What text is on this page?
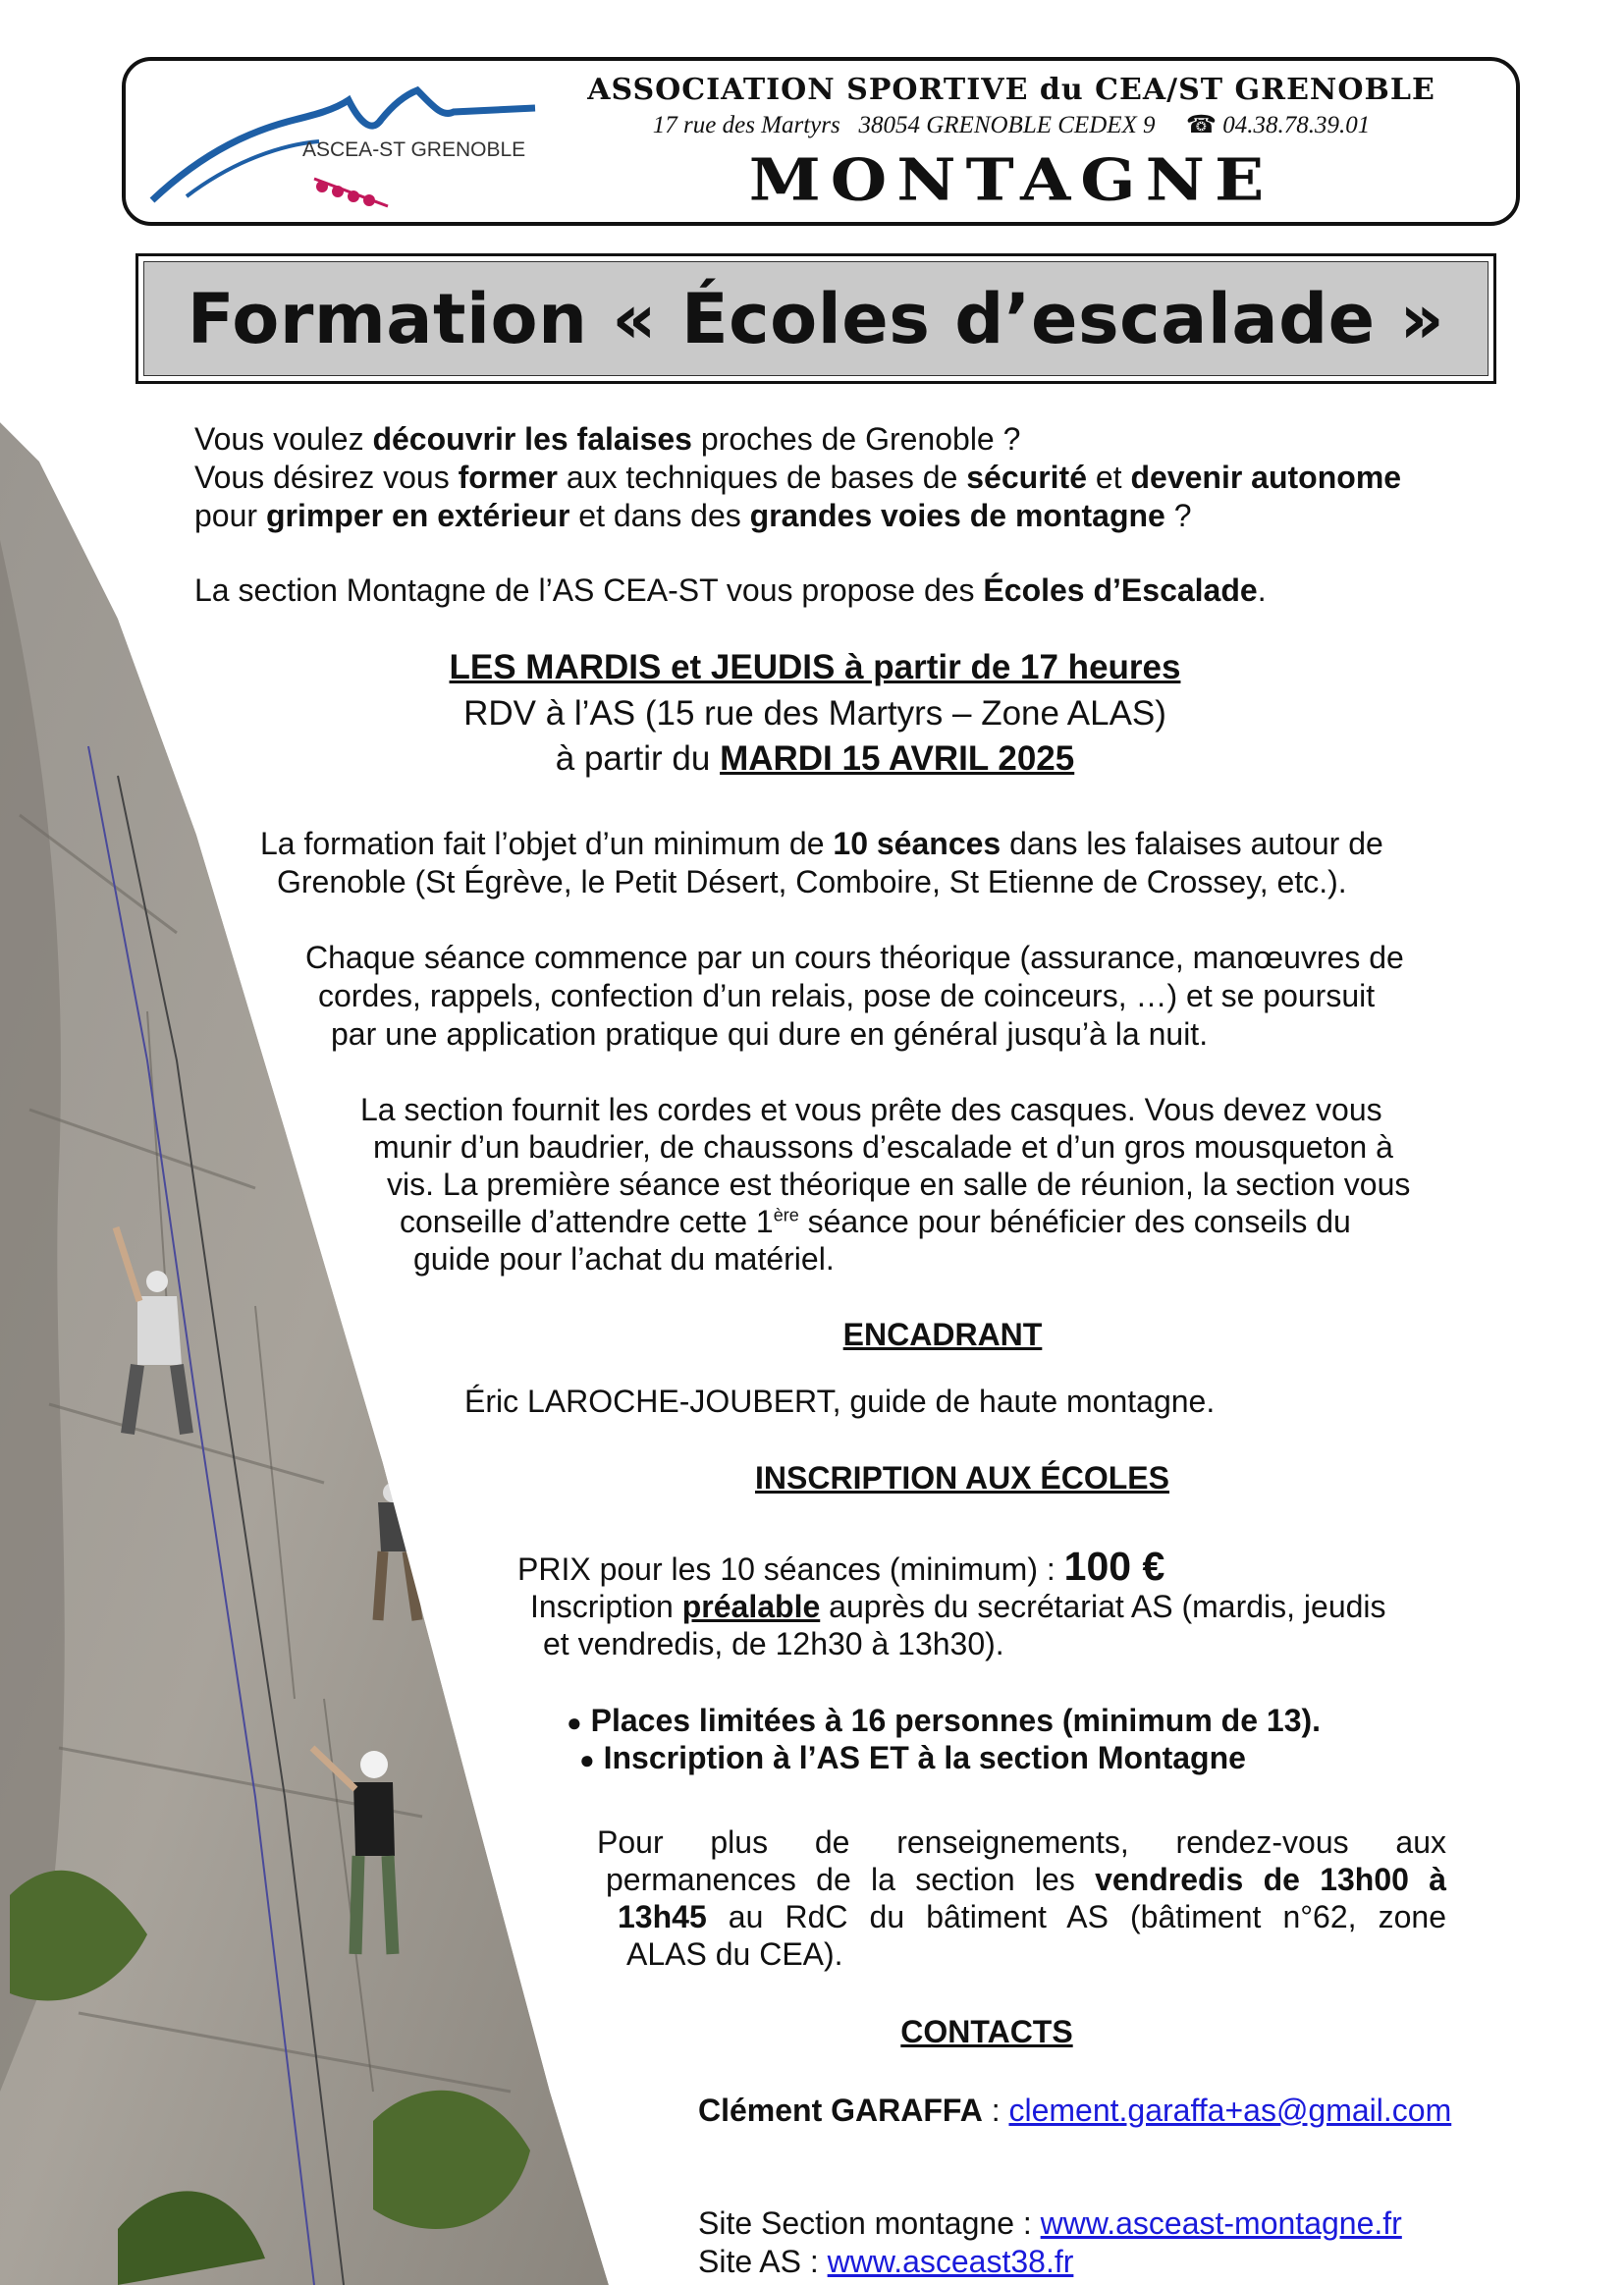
ASCEA-ST GRENOBLE
ASSOCIATION SPORTIVE du CEA/ST GRENOBLE
17 rue des Martyrs   38054 GRENOBLE CEDEX 9 ☎ 04.38.78.39.01
MONTAGNE
Formation « Écoles d’escalade »
Vous voulez découvrir les falaises proches de Grenoble ?
Vous désirez vous former aux techniques de bases de sécurité et devenir autonome
pour grimper en extérieur et dans des grandes voies de montagne ?
La section Montagne de l’AS CEA-ST vous propose des Écoles d’Escalade.
LES MARDIS et JEUDIS à partir de 17 heures
RDV à l’AS (15 rue des Martyrs – Zone ALAS)
à partir du MARDI 15 AVRIL 2025
La formation fait l’objet d’un minimum de 10 séances dans les falaises autour de
Grenoble (St Égrève, le Petit Désert, Comboire, St Etienne de Crossey, etc.).
Chaque séance commence par un cours théorique (assurance, manœuvres de
cordes, rappels, confection d’un relais, pose de coinceurs, …) et se poursuit
par une application pratique qui dure en général jusqu’à la nuit.
La section fournit les cordes et vous prête des casques. Vous devez vous
munir d’un baudrier, de chaussons d’escalade et d’un gros mousqueton à
vis. La première séance est théorique en salle de réunion, la section vous
conseille d’attendre cette 1ère séance pour bénéficier des conseils du
guide pour l’achat du matériel.
ENCADRANT
Éric LAROCHE-JOUBERT, guide de haute montagne.
INSCRIPTION AUX ÉCOLES
PRIX pour les 10 séances (minimum) : 100 €
Inscription préalable auprès du secrétariat AS (mardis, jeudis
et vendredis, de 12h30 à 13h30).
● Places limitées à 16 personnes (minimum de 13).
● Inscription à l’AS ET à la section Montagne
Pour plus de renseignements, rendez-vous aux
permanences de la section les vendredis de 13h00 à
13h45 au RdC du bâtiment AS (bâtiment n°62, zone
ALAS du CEA).
CONTACTS
Clément GARAFFA : clement.garaffa+as@gmail.com
Site Section montagne : www.asceast-montagne.fr
Site AS : www.asceast38.fr
